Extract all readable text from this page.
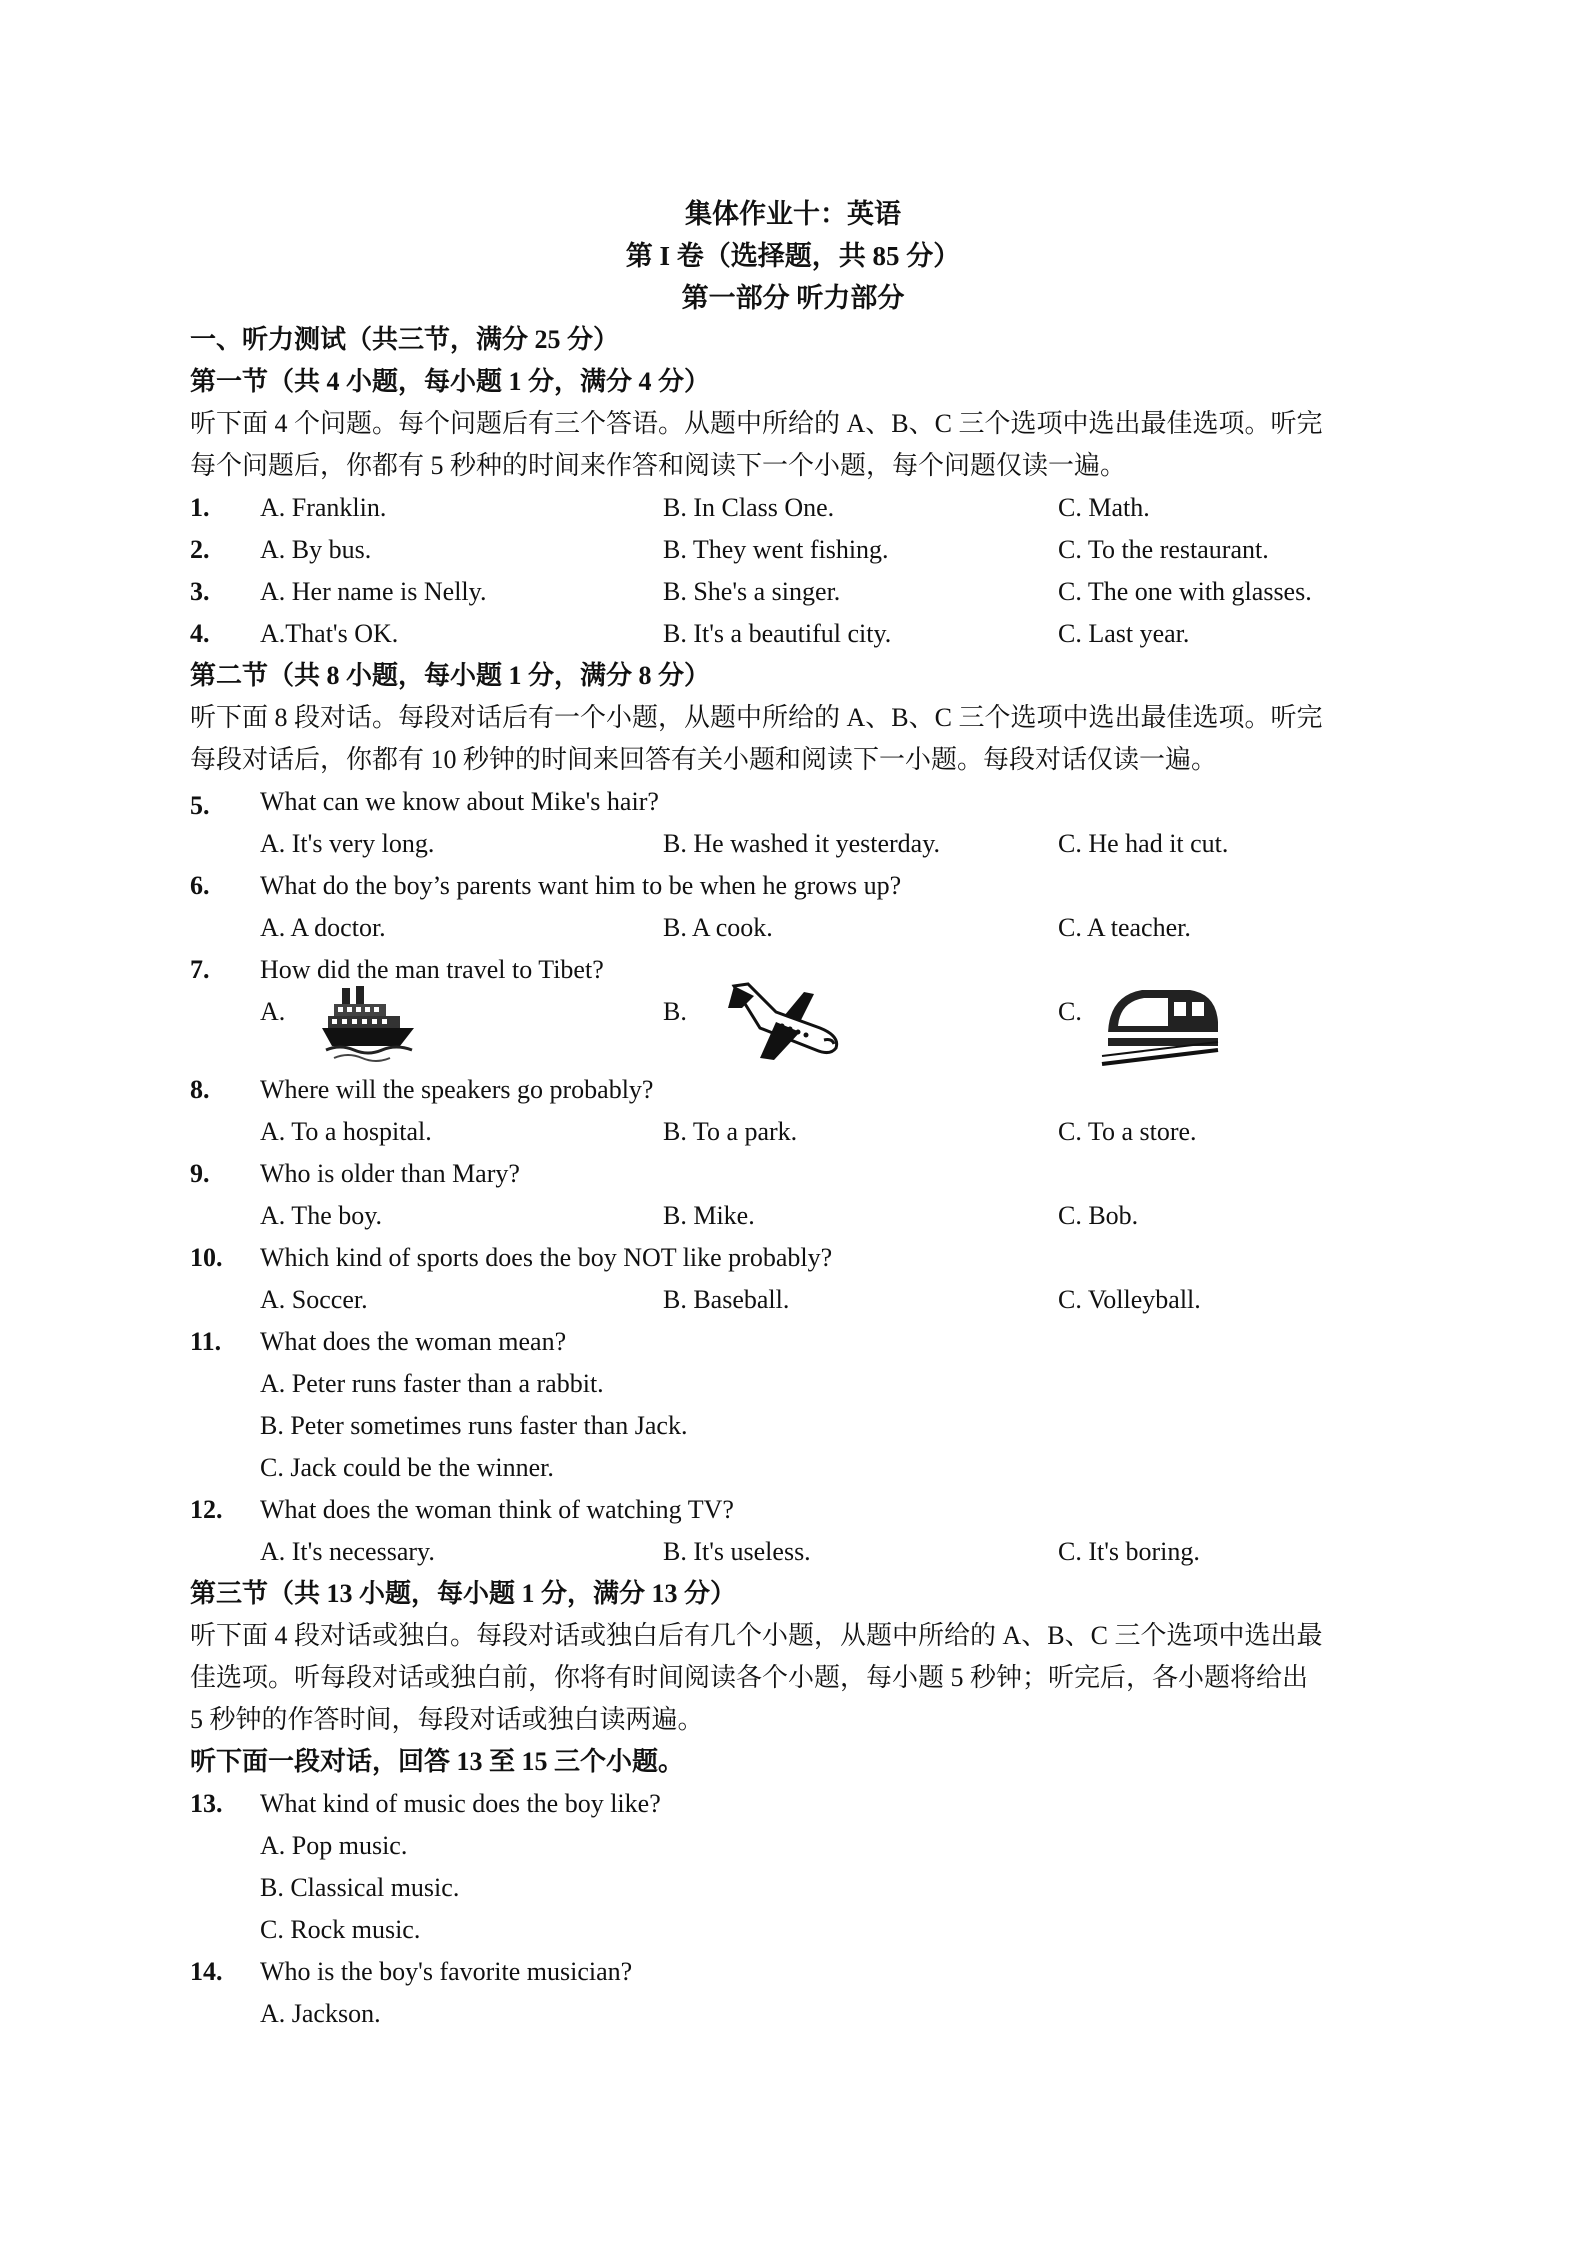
集体作业十：英语
第 I 卷（选择题，共 85 分）
第一部分 听力部分
一、听力测试（共三节，满分 25 分）
第一节（共 4 小题，每小题 1 分，满分 4 分）
听下面 4 个问题。每个问题后有三个答语。从题中所给的 A、B、C 三个选项中选出最佳选项。听完
每个问题后，你都有 5 秒种的时间来作答和阅读下一个小题，每个问题仅读一遍。
1. A. Franklin.	B. In Class One.	C. Math.
2. A. By bus.	B. They went fishing.	C. To the restaurant.
3. A. Her name is Nelly.	B. She's a singer.	C. The one with glasses.
4. A.That's OK.	B. It's a beautiful city.	C. Last year.
第二节（共 8 小题，每小题 1 分，满分 8 分）
听下面 8 段对话。每段对话后有一个小题，从题中所给的 A、B、C 三个选项中选出最佳选项。听完
每段对话后，你都有 10 秒钟的时间来回答有关小题和阅读下一小题。每段对话仅读一遍。
5. What can we know about Mike's hair?
A. It's very long.	B. He washed it yesterday.	C. He had it cut.
6. What do the boy’s parents want him to be when he grows up?
A. A doctor.	B. A cook.	C. A teacher.
7. How did the man travel to Tibet?
A.	B.	C.
8. Where will the speakers go probably?
A. To a hospital.	B. To a park.	C. To a store.
9. Who is older than Mary?
A. The boy.	B. Mike.	C. Bob.
10. Which kind of sports does the boy NOT like probably?
A. Soccer.	B. Baseball.	C. Volleyball.
11. What does the woman mean?
A. Peter runs faster than a rabbit.
B. Peter sometimes runs faster than Jack.
C. Jack could be the winner.
12. What does the woman think of watching TV?
A. It's necessary.	B. It's useless.	C. It's boring.
第三节（共 13 小题，每小题 1 分，满分 13 分）
听下面 4 段对话或独白。每段对话或独白后有几个小题，从题中所给的 A、B、C 三个选项中选出最
佳选项。听每段对话或独白前，你将有时间阅读各个小题，每小题 5 秒钟；听完后，各小题将给出
5 秒钟的作答时间，每段对话或独白读两遍。
听下面一段对话，回答 13 至 15 三个小题。
13. What kind of music does the boy like?
A. Pop music.
B. Classical music.
C. Rock music.
14. Who is the boy's favorite musician?
A. Jackson.
